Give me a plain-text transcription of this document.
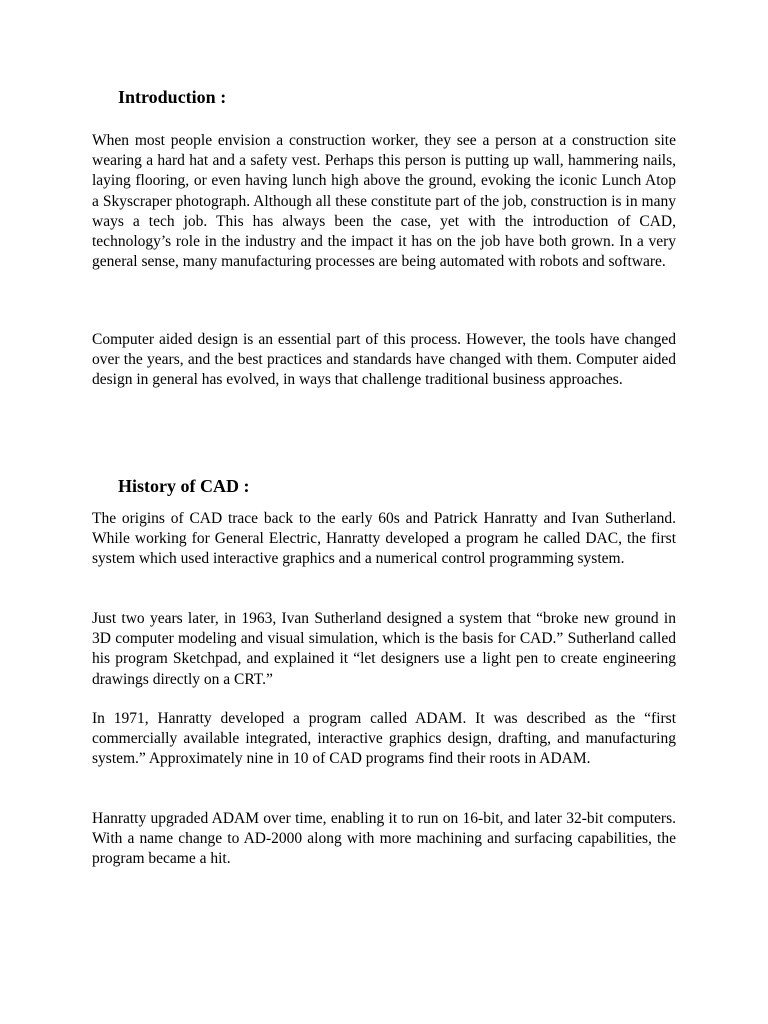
Introduction :

When most people envision a construction worker, they see a person at a construction site wearing a hard hat and a safety vest. Perhaps this person is putting up wall, hammering nails, laying flooring, or even having lunch high above the ground, evoking the iconic Lunch Atop a Skyscraper photograph. Although all these constitute part of the job, construction is in many ways a tech job. This has always been the case, yet with the introduction of CAD, technology’s role in the industry and the impact it has on the job have both grown. In a very general sense, many manufacturing processes are being automated with robots and software.

Computer aided design is an essential part of this process. However, the tools have changed over the years, and the best practices and standards have changed with them. Computer aided design in general has evolved, in ways that challenge traditional business approaches.

History of CAD :

The origins of CAD trace back to the early 60s and Patrick Hanratty and Ivan Sutherland. While working for General Electric, Hanratty developed a program he called DAC, the first system which used interactive graphics and a numerical control programming system.

Just two years later, in 1963, Ivan Sutherland designed a system that “broke new ground in 3D computer modeling and visual simulation, which is the basis for CAD.” Sutherland called his program Sketchpad, and explained it “let designers use a light pen to create engineering drawings directly on a CRT.”

In 1971, Hanratty developed a program called ADAM. It was described as the “first commercially available integrated, interactive graphics design, drafting, and manufacturing system.” Approximately nine in 10 of CAD programs find their roots in ADAM.

Hanratty upgraded ADAM over time, enabling it to run on 16-bit, and later 32-bit computers. With a name change to AD-2000 along with more machining and surfacing capabilities, the program became a hit.
